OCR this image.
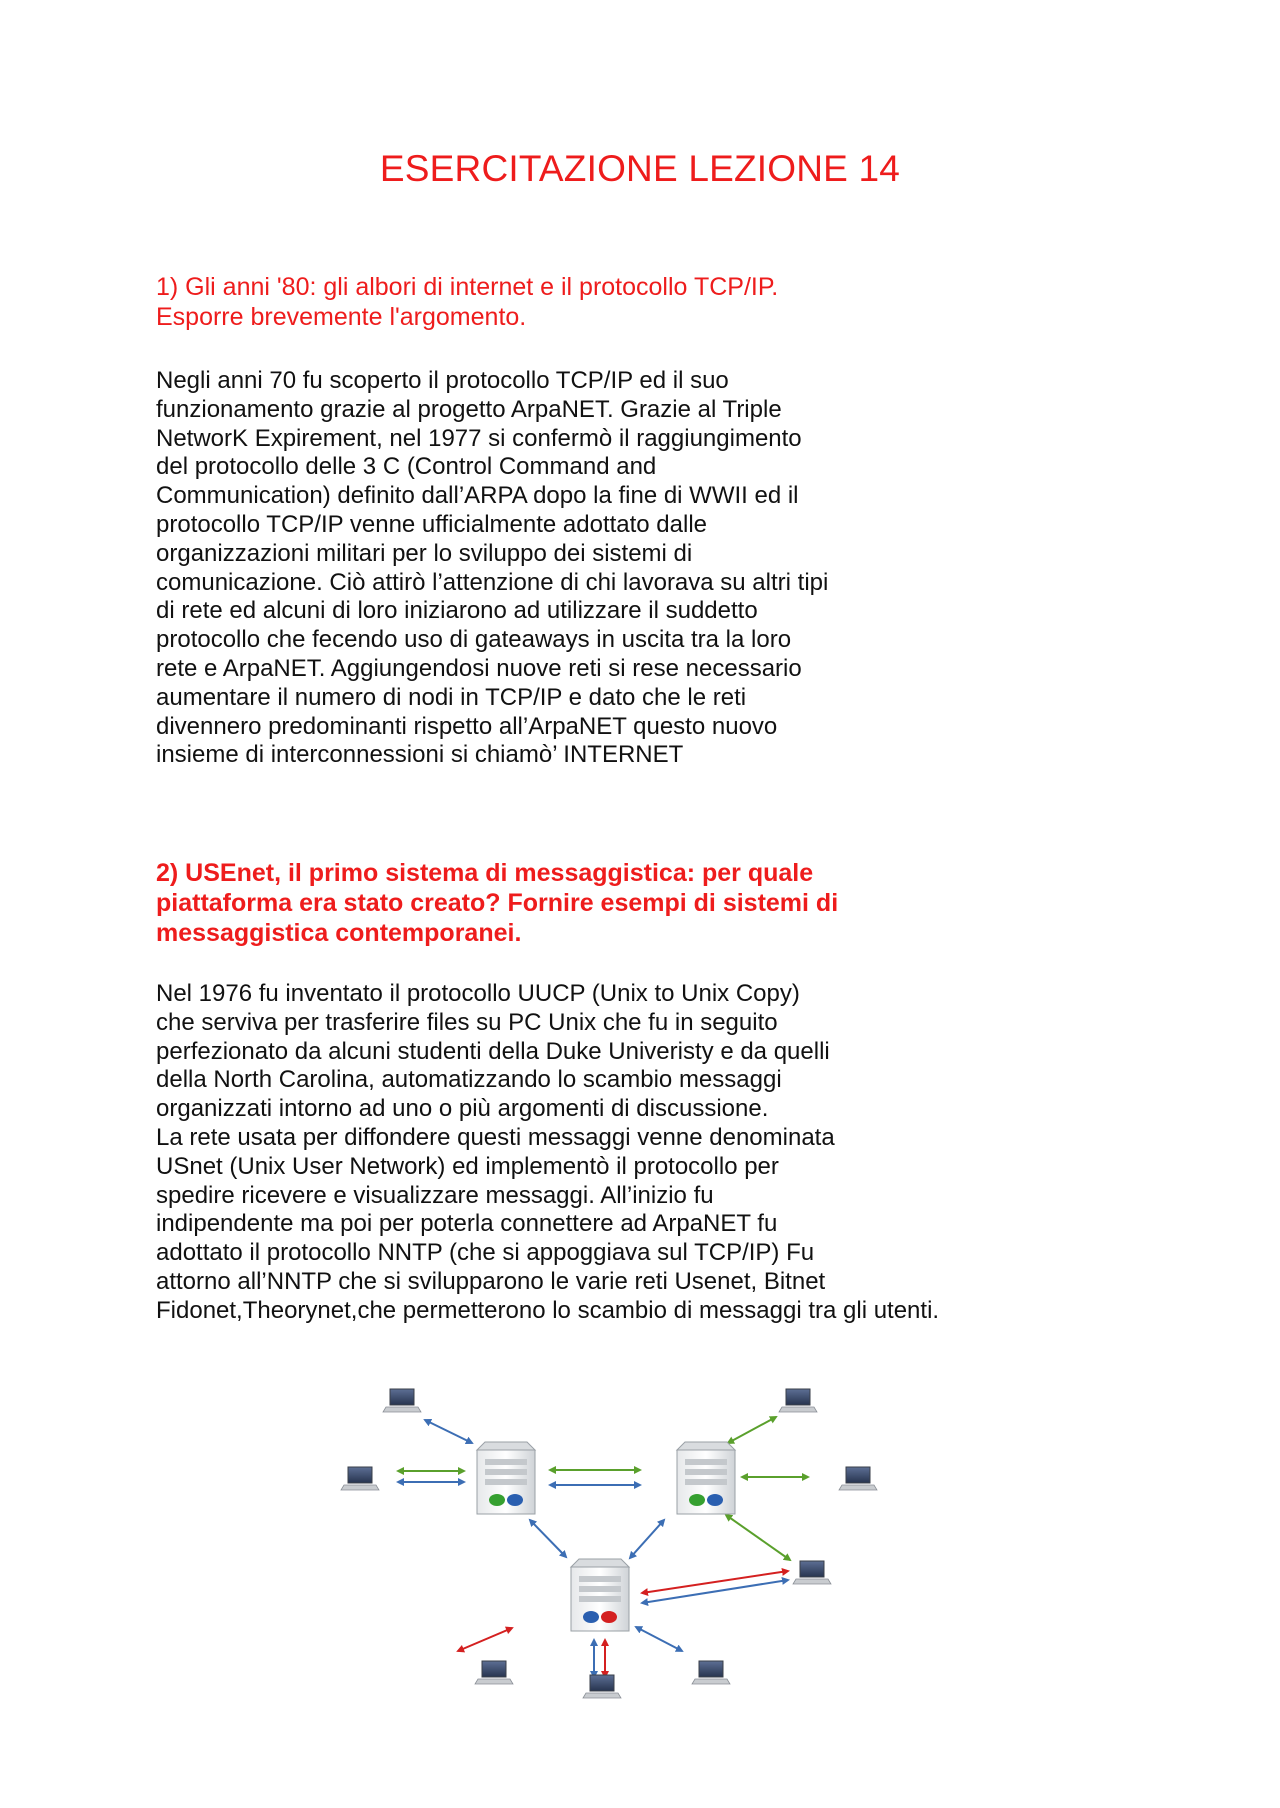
ESERCITAZIONE LEZIONE 14
1) Gli anni '80: gli albori di internet e il protocollo TCP/IP.
Esporre brevemente l'argomento.
Negli anni 70 fu scoperto il protocollo TCP/IP ed il suo
funzionamento grazie al progetto ArpaNET. Grazie al Triple
NetworK Expirement, nel 1977 si confermò il raggiungimento
del protocollo delle 3 C (Control Command and
Communication) definito dall’ARPA dopo la fine di WWII ed il
protocollo TCP/IP venne ufficialmente adottato dalle
organizzazioni militari per lo sviluppo dei sistemi di
comunicazione. Ciò attirò l’attenzione di chi lavorava su altri tipi
di rete ed alcuni di loro iniziarono ad utilizzare il suddetto
protocollo che fecendo uso di gateaways in uscita tra la loro
rete e ArpaNET. Aggiungendosi nuove reti si rese necessario
aumentare il numero di nodi in TCP/IP e dato che le reti
divennero predominanti rispetto all’ArpaNET questo nuovo
insieme di interconnessioni si chiamò’ INTERNET
2) USEnet, il primo sistema di messaggistica: per quale
piattaforma era stato creato? Fornire esempi di sistemi di
messaggistica contemporanei.
Nel 1976 fu inventato il protocollo UUCP (Unix to Unix Copy)
che serviva per trasferire files su PC Unix che fu in seguito
perfezionato da alcuni studenti della Duke Univeristy e da quelli
della North Carolina, automatizzando lo scambio messaggi
organizzati intorno ad uno o più argomenti di discussione.
La rete usata per diffondere questi messaggi venne denominata
USnet (Unix User Network) ed implementò il protocollo per
spedire ricevere e visualizzare messaggi. All’inizio fu
indipendente ma poi per poterla connettere ad ArpaNET fu
adottato il protocollo NNTP (che si appoggiava sul TCP/IP) Fu
attorno all’NNTP che si svilupparono le varie reti Usenet, Bitnet
Fidonet,Theorynet,che permetterono lo scambio di messaggi tra gli utenti.
